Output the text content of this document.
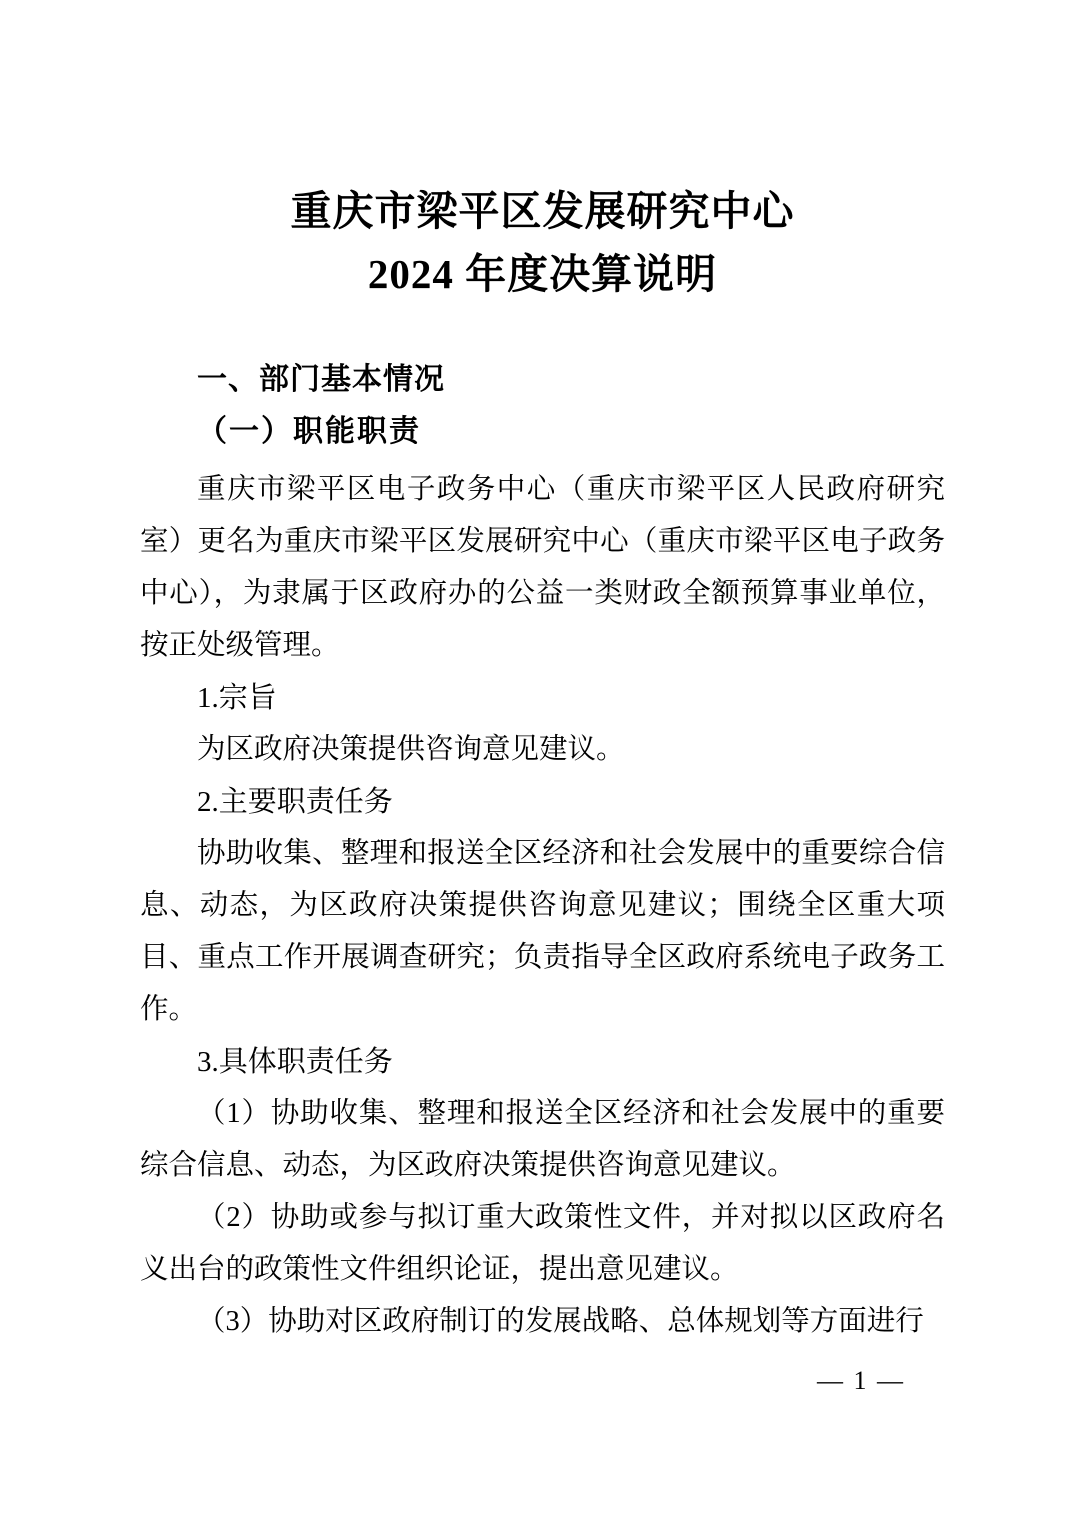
重庆市梁平区发展研究中心
2024 年度决算说明
一、部门基本情况
（一）职能职责

重庆市梁平区电子政务中心（重庆市梁平区人民政府研究室）更名为重庆市梁平区发展研究中心（重庆市梁平区电子政务中心），为隶属于区政府办的公益一类财政全额预算事业单位，按正处级管理。

1.宗旨

为区政府决策提供咨询意见建议。

2.主要职责任务

协助收集、整理和报送全区经济和社会发展中的重要综合信息、动态，为区政府决策提供咨询意见建议；围绕全区重大项目、重点工作开展调查研究；负责指导全区政府系统电子政务工作。

3.具体职责任务

（1）协助收集、整理和报送全区经济和社会发展中的重要综合信息、动态，为区政府决策提供咨询意见建议。

（2）协助或参与拟订重大政策性文件，并对拟以区政府名义出台的政策性文件组织论证，提出意见建议。

（3）协助对区政府制订的发展战略、总体规划等方面进行

— 1 —
